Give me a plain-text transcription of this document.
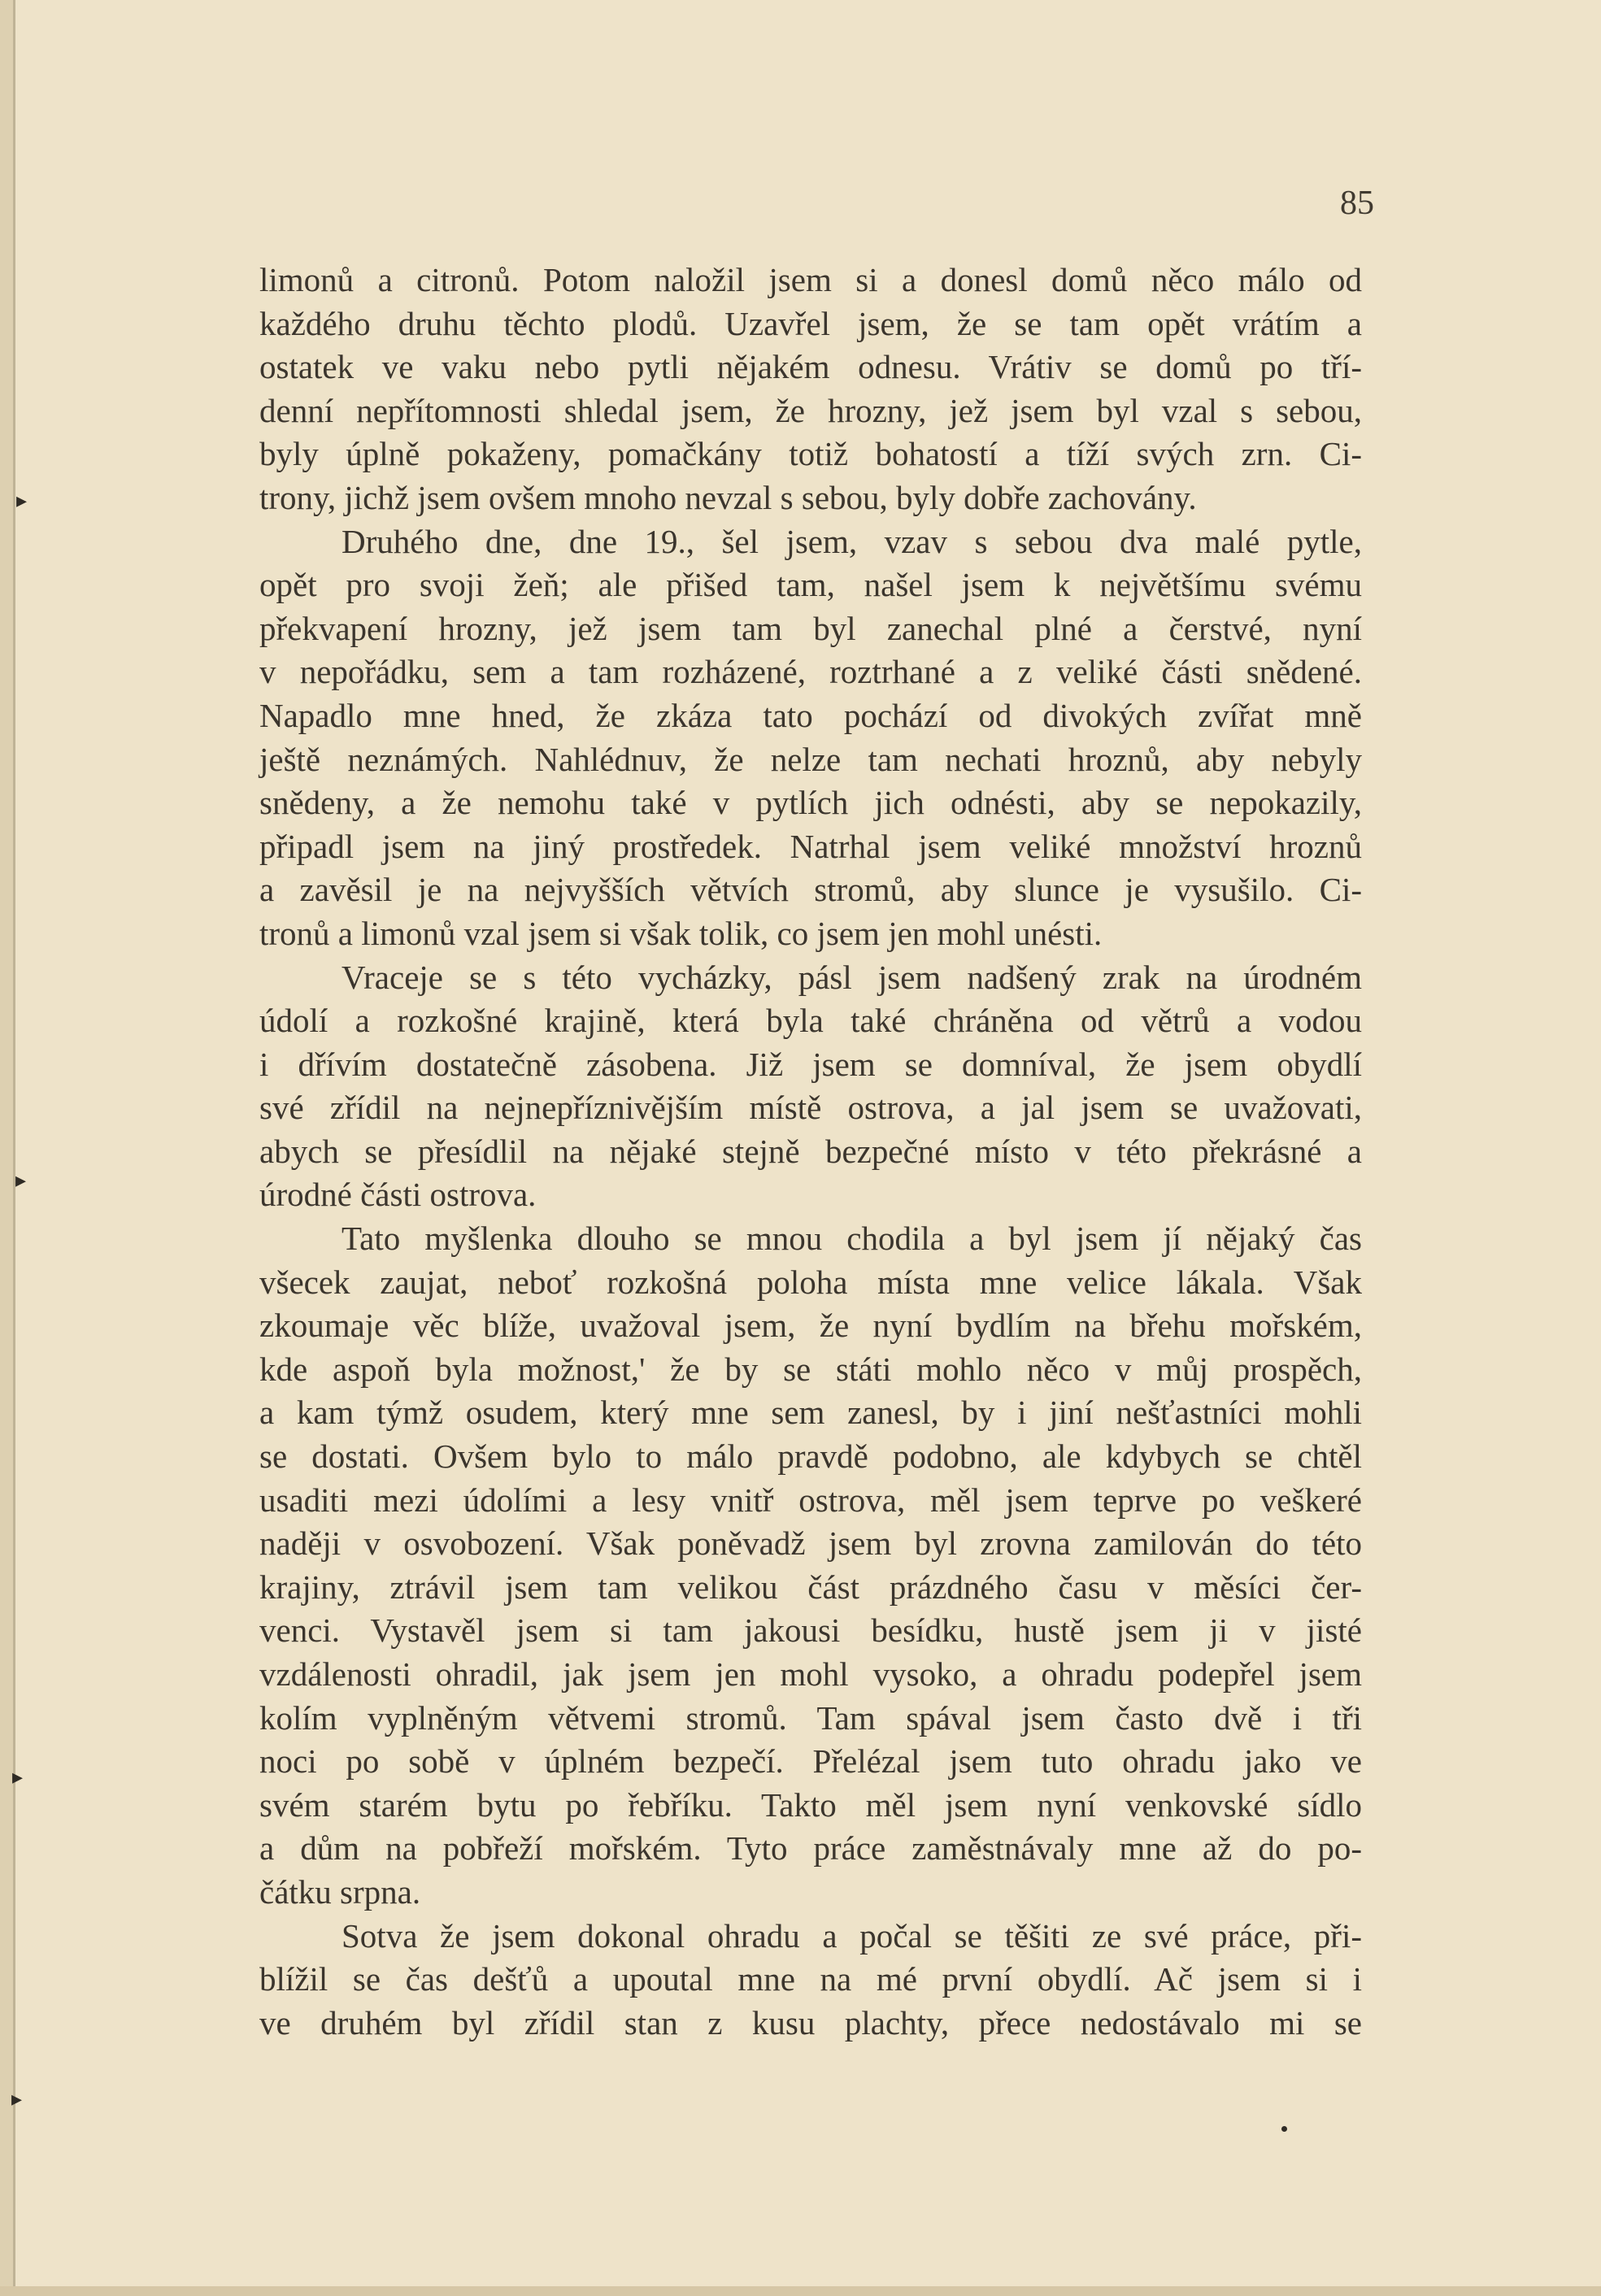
85
limonů a citronů. Potom naložil jsem si a donesl domů něco málo od
každého druhu těchto plodů. Uzavřel jsem, že se tam opět vrátím a
ostatek ve vaku nebo pytli nějakém odnesu. Vrátiv se domů po tří-
denní nepřítomnosti shledal jsem, že hrozny, jež jsem byl vzal s sebou,
byly úplně pokaženy, pomačkány totiž bohatostí a tíží svých zrn. Ci-
trony, jichž jsem ovšem mnoho nevzal s sebou, byly dobře zachovány.
Druhého dne, dne 19., šel jsem, vzav s sebou dva malé pytle,
opět pro svoji žeň; ale přišed tam, našel jsem k největšímu svému
překvapení hrozny, jež jsem tam byl zanechal plné a čerstvé, nyní
v nepořádku, sem a tam rozházené, roztrhané a z veliké části snědené.
Napadlo mne hned, že zkáza tato pochází od divokých zvířat mně
ještě neznámých. Nahlédnuv, že nelze tam nechati hroznů, aby nebyly
snědeny, a že nemohu také v pytlích jich odnésti, aby se nepokazily,
připadl jsem na jiný prostředek. Natrhal jsem veliké množství hroznů
a zavěsil je na nejvyšších větvích stromů, aby slunce je vysušilo. Ci-
tronů a limonů vzal jsem si však tolik, co jsem jen mohl unésti.
Vraceje se s této vycházky, pásl jsem nadšený zrak na úrodném
údolí a rozkošné krajině, která byla také chráněna od větrů a vodou
i dřívím dostatečně zásobena. Již jsem se domníval, že jsem obydlí
své zřídil na nejnepříznivějším místě ostrova, a jal jsem se uvažovati,
abych se přesídlil na nějaké stejně bezpečné místo v této překrásné a
úrodné části ostrova.
Tato myšlenka dlouho se mnou chodila a byl jsem jí nějaký čas
všecek zaujat, neboť rozkošná poloha místa mne velice lákala. Však
zkoumaje věc blíže, uvažoval jsem, že nyní bydlím na břehu mořském,
kde aspoň byla možnost,' že by se státi mohlo něco v můj prospěch,
a kam týmž osudem, který mne sem zanesl, by i jiní nešťastníci mohli
se dostati. Ovšem bylo to málo pravdě podobno, ale kdybych se chtěl
usaditi mezi údolími a lesy vnitř ostrova, měl jsem teprve po veškeré
naději v osvobození. Však poněvadž jsem byl zrovna zamilován do této
krajiny, ztrávil jsem tam velikou část prázdného času v měsíci čer-
venci. Vystavěl jsem si tam jakousi besídku, hustě jsem ji v jisté
vzdálenosti ohradil, jak jsem jen mohl vysoko, a ohradu podepřel jsem
kolím vyplněným větvemi stromů. Tam spával jsem často dvě i tři
noci po sobě v úplném bezpečí. Přelézal jsem tuto ohradu jako ve
svém starém bytu po řebříku. Takto měl jsem nyní venkovské sídlo
a dům na pobřeží mořském. Tyto práce zaměstnávaly mne až do po-
čátku srpna.
Sotva že jsem dokonal ohradu a počal se těšiti ze své práce, při-
blížil se čas dešťů a upoutal mne na mé první obydlí. Ač jsem si i
ve druhém byl zřídil stan z kusu plachty, přece nedostávalo mi se
▸
▸
▸
▸
